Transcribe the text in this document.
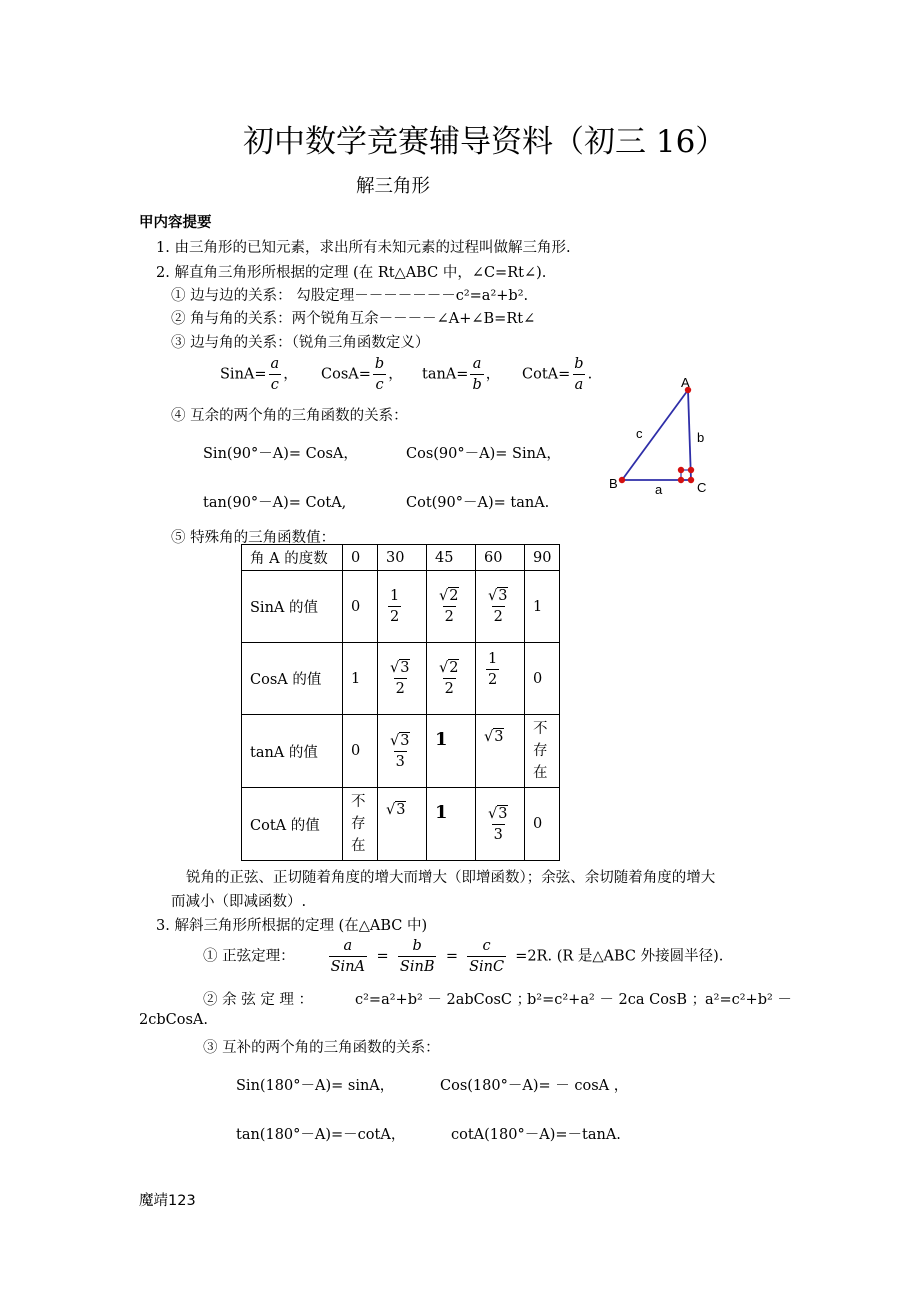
初中数学竞赛辅导资料（初三 16）
解三角形
甲内容提要
1. 由三角形的已知元素，求出所有未知元素的过程叫做解三角形.
2. 解直角三角形所根据的定理 (在 Rt△ABC 中，∠C=Rt∠).
① 边与边的关系： 勾股定理－－－－－－－c²=a²+b².
② 角与角的关系：两个锐角互余－－－－∠A+∠B=Rt∠
③ 边与角的关系：（锐角三角函数定义）
SinA= $\frac{a}{c}$ ， CosA= $\frac{b}{c}$ ， $\tan A= \frac{a}{b}$ ， CotA= $\frac{b}{a}$ .
④ 互余的两个角的三角函数的关系：
Sin(90°－A)= CosA，	Cos(90°－A)= SinA，
tan(90°－A)= CotA,	Cot(90°－A)= tanA.
A
B	C
c	b
a
⑤ 特殊角的三角函数值：
角 A 的度数	0	30	45	60	90
SinA 的值	0	$\frac{1}{2}$	$\frac{√2}{2}$	$\frac{√3}{2}$	1
CosA 的值	1	$\frac{√3}{2}$	$\frac{√2}{2}$	$\frac{1}{2}$	0
tanA 的值	0	$\frac{√3}{3}$	1	√3	不
存
在
CotA 的值	不
存
在	√3	1	$\frac{√3}{3}$	0
锐角的正弦、正切随着角度的增大而增大（即增函数）；余弦、余切随着角度的增大
而减小（即减函数）.
3. 解斜三角形所根据的定理 (在△ABC 中)
① 正弦定理： $\frac{a}{\text{SinA}} = \frac{b}{\text{SinB}} = \frac{c}{\text{SinC}} =2R$. (R 是△ABC 外接圆半径).
② 余 弦 定 理 ：	c²=a²+b² － 2abCosC ；
b²=c²+a² － 2ca CosB ；
a²=c²+b² －
2cbCosA.
③ 互补的两个角的三角函数的关系：
Sin(180°－A)= sinA，	Cos(180°－A)= － cosA ，
tan(180°－A)=－cotA，	cotA(180°－A)=－tanA.
魔靖123
